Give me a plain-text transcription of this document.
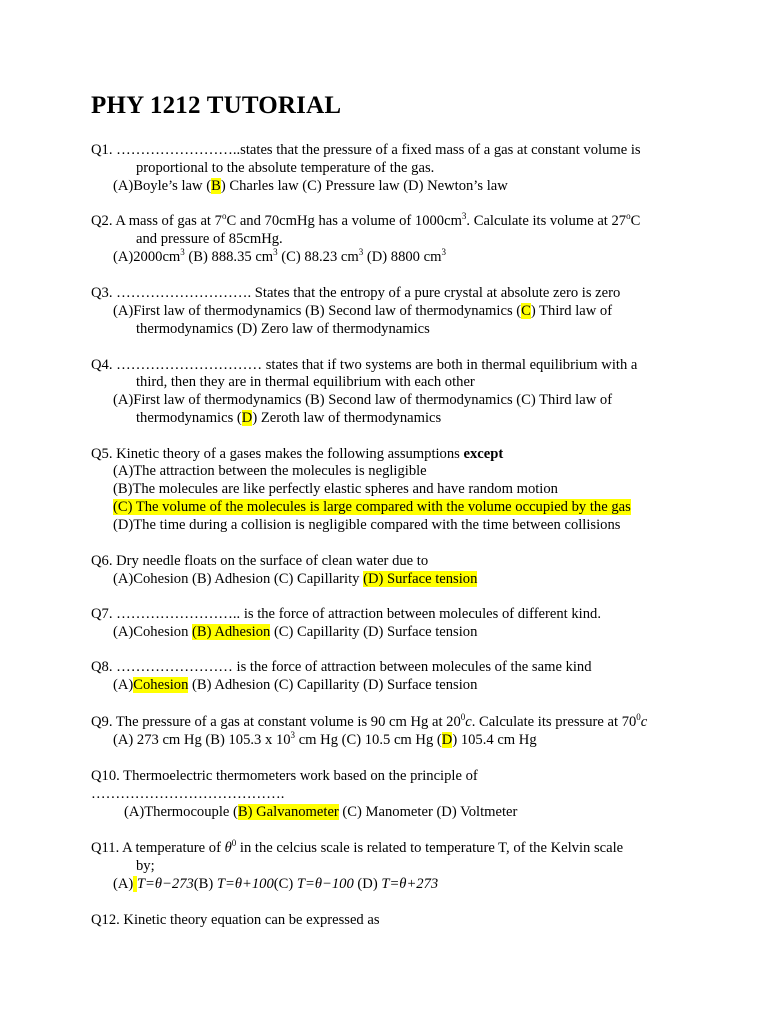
PHY 1212 TUTORIAL
Q1. ……………………..states that the pressure of a fixed mass of a gas at constant volume is
proportional to the absolute temperature of the gas.
(A)Boyle’s law (B) Charles law (C) Pressure law (D) Newton’s law
Q2. A mass of gas at 7$^o$C and 70cmHg has a volume of $1000cm^3$. Calculate its volume at 27$^o$C
and pressure of 85cmHg.
$(A)2000cm^3$ (B) 888.35 $cm^3$ (C) 88.23 $cm^3$ (D) 8800 $cm^3$
Q3. ………………………. States that the entropy of a pure crystal at absolute zero is zero
(A)First law of thermodynamics (B) Second law of thermodynamics (C) Third law of
thermodynamics (D) Zero law of thermodynamics
Q4. ………………………… states that if two systems are both in thermal equilibrium with a
third, then they are in thermal equilibrium with each other
(A)First law of thermodynamics (B) Second law of thermodynamics (C) Third law of
thermodynamics (D) Zeroth law of thermodynamics
Q5. Kinetic theory of a gases makes the following assumptions except
(A)The attraction between the molecules is negligible
(B)The molecules are like perfectly elastic spheres and have random motion
(C) The volume of the molecules is large compared with the volume occupied by the gas
(D)The time during a collision is negligible compared with the time between collisions
Q6. Dry needle floats on the surface of clean water due to
(A)Cohesion (B) Adhesion (C) Capillarity (D) Surface tension
Q7. …………………….. is the force of attraction between molecules of different kind.
(A)Cohesion (B) Adhesion (C) Capillarity (D) Surface tension
Q8. …………………… is the force of attraction between molecules of the same kind
(A)Cohesion (B) Adhesion (C) Capillarity (D) Surface tension
Q9. The pressure of a gas at constant volume is 90 cm Hg at $20^0c$. Calculate its pressure at $70^0c$
(A) 273 cm Hg (B) 105.3 x $10^3$ cm Hg (C) 10.5 cm Hg (D) 105.4 cm Hg
Q10. Thermoelectric thermometers work based on the principle of
………………………………….
(A)Thermocouple (B) Galvanometer (C) Manometer (D) Voltmeter
Q11. A temperature of $\theta^0$ in the celcius scale is related to temperature T, of the Kelvin scale
by;
(A) T=θ−273(B) T=θ+100(C) T=θ−100 (D) T=θ+273
Q12. Kinetic theory equation can be expressed as
